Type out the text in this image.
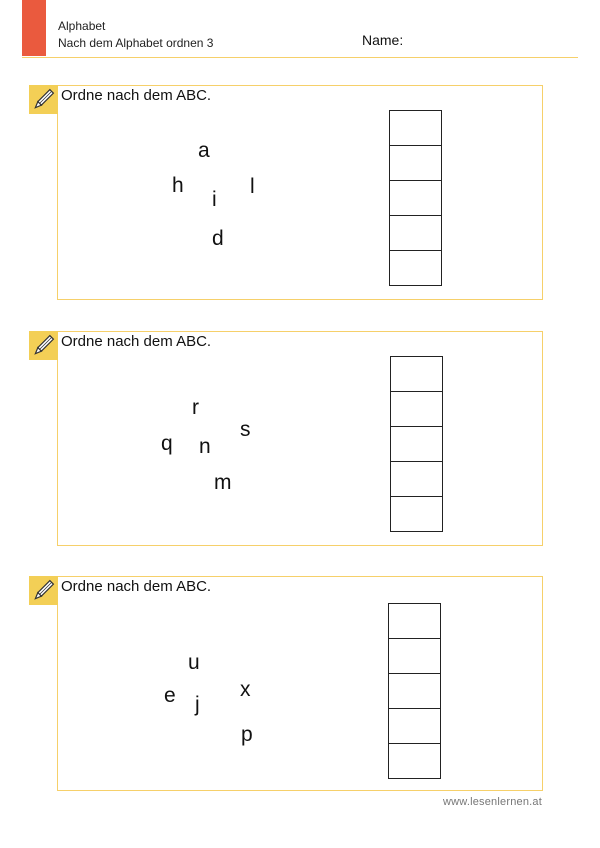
Alphabet
Nach dem Alphabet ordnen 3	Name:
Ordne nach dem ABC.
a
h
i
l
d
Ordne nach dem ABC.
r
q n
s
m
Ordne nach dem ABC.
u
e j
x
p
www.lesenlernen.at
